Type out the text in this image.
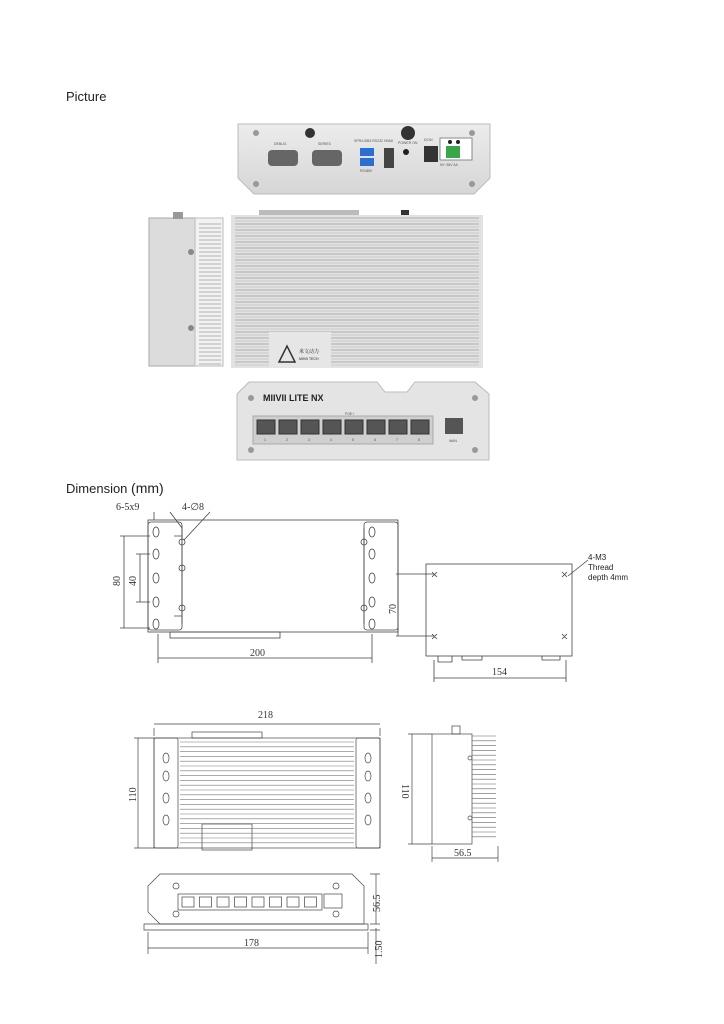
Picture
Dimension (mm)
DEBUG	SERIES
SPR/USB3 RS232
RS485+
HDMI POWER ON
DCIN
9V~36V 5A
米文动力
MIIVII TECH
MIIVII LITE NX
POE+
1	2	3	4	5	6	7	8	WAN
80 40
200
6-5x9	4-∅8
70
154
4-M3
Thread
depth 4mm
218
110	110
56.5
178
56.5
1.50
